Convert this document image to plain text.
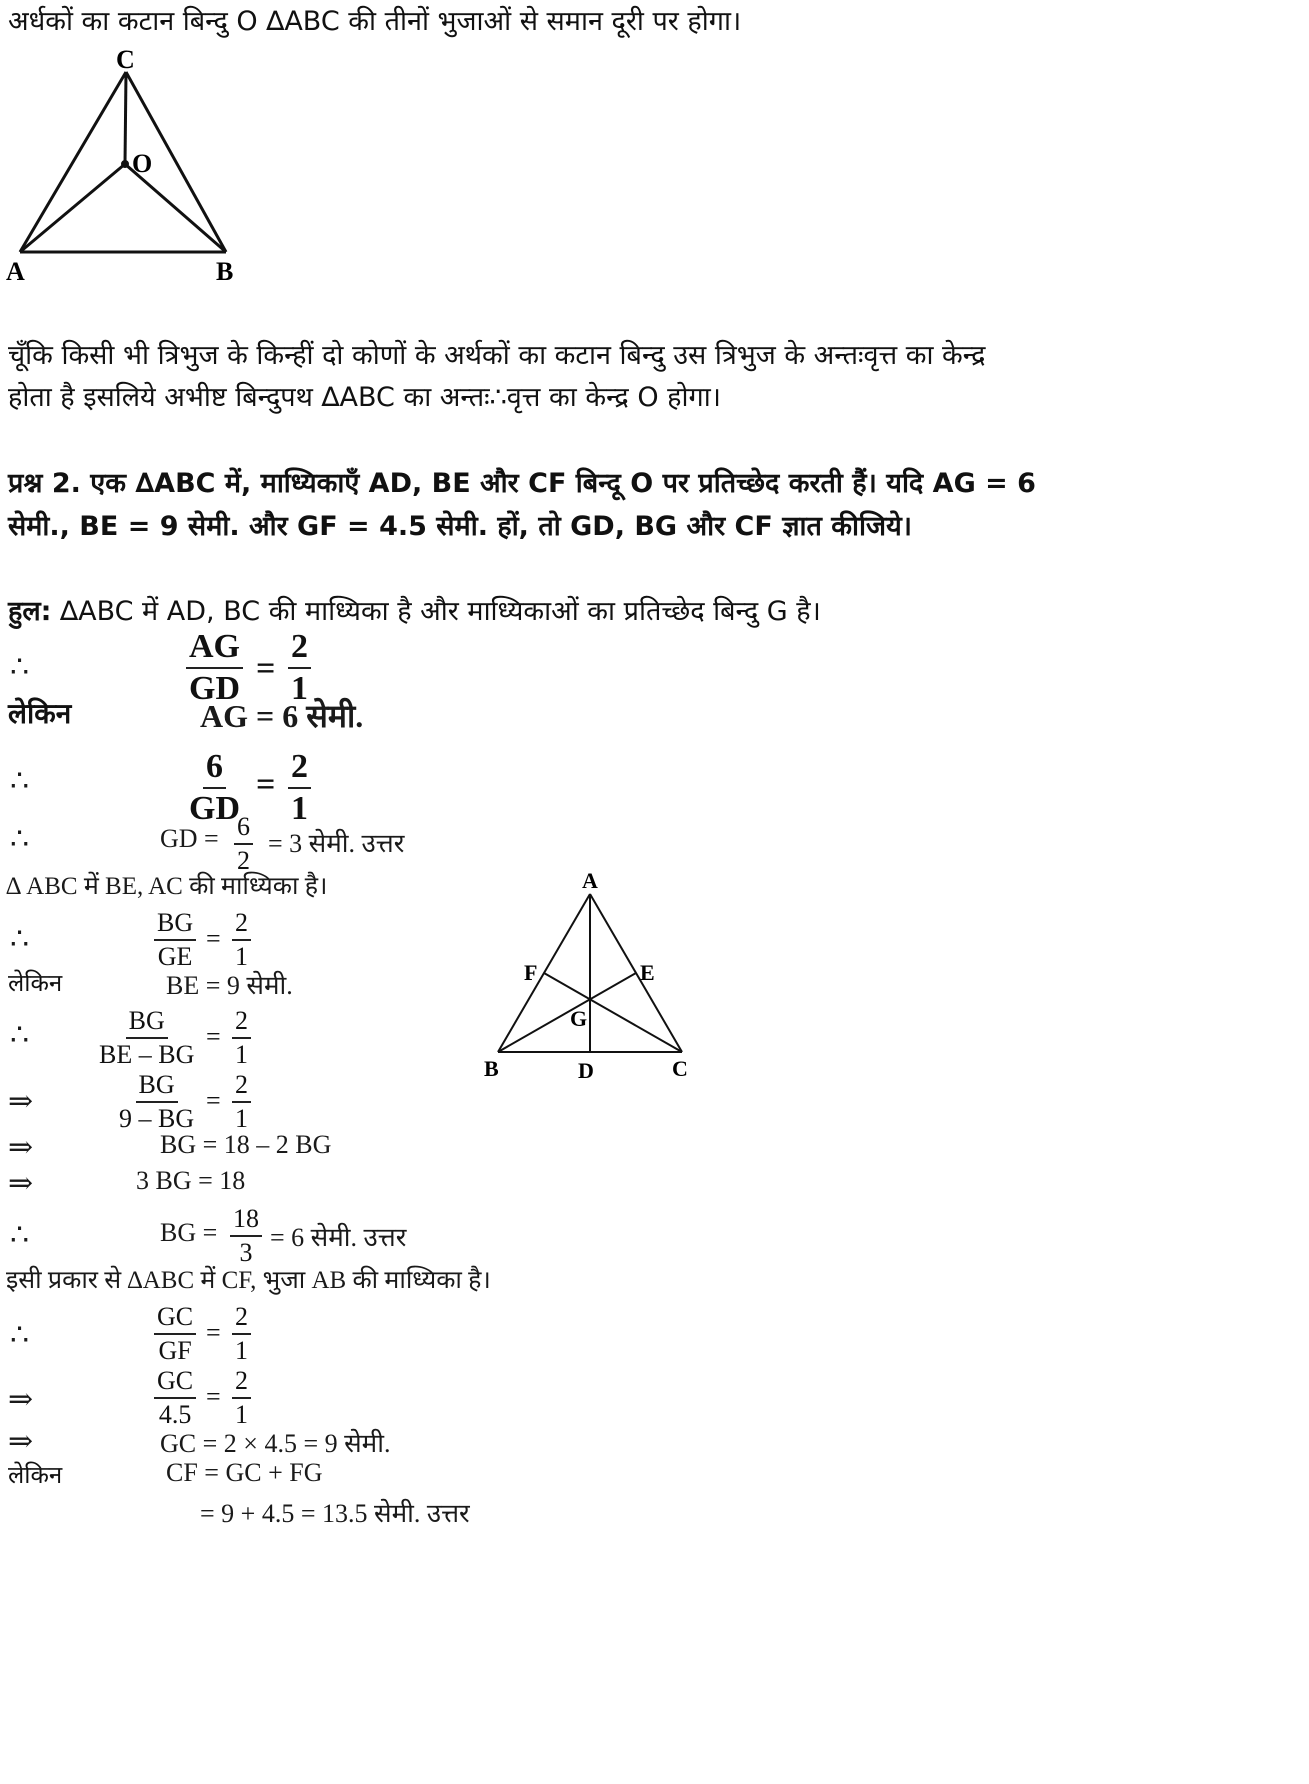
अर्धकों का कटान बिन्दु O ∆ABC की तीनों भुजाओं से समान दूरी पर होगा।
C
O
A	B
चूँकि किसी भी त्रिभुज के किन्हीं दो कोणों के अर्थकों का कटान बिन्दु उस त्रिभुज के अन्तःवृत्त का केन्द्र
होता है इसलिये अभीष्ट बिन्दुपथ ∆ABC का अन्तः∴वृत्त का केन्द्र O होगा।
प्रश्न 2. एक ∆ABC में, माध्यिकाएँ AD, BE और CF बिन्दू O पर प्रतिच्छेद करती हैं। यदि AG = 6
सेमी., BE = 9 सेमी. और GF = 4.5 सेमी. हों, तो GD, BG और CF ज्ञात कीजिये।
हुल: ∆ABC में AD, BC की माध्यिका है और माध्यिकाओं का प्रतिच्छेद बिन्दु G है।
∴	$\frac{AG}{GD} = \frac{2}{1}$
लेकिन	AG = 6 सेमी.
∴	$\frac{6}{GD} = \frac{2}{1}$
∴	GD = $\frac{6}{2} = 3$ सेमी. उत्तर
∆ ABC में BE, AC की माध्यिका है।
∴	$\frac{BG}{GE} = \frac{2}{1}$
लेकिन	BE = 9 सेमी.
∴	$\frac{BG}{BE - BG} = \frac{2}{1}$
⇒	$\frac{BG}{9 - BG} = \frac{2}{1}$
⇒	BG = 18 – 2 BG
⇒	3 BG = 18
∴	BG = $\frac{18}{3} = 6$ सेमी. उत्तर
इसी प्रकार से ∆ABC में CF, भुजा AB की माध्यिका है।
∴	$\frac{GC}{GF} = \frac{2}{1}$
⇒	$\frac{GC}{4.5} = \frac{2}{1}$
⇒	GC = 2 × 4.5 = 9 सेमी.
लेकिन	CF = GC + FG
= 9 + 4.5 = 13.5 सेमी. उत्तर
A
F	E
G
B	D	C
